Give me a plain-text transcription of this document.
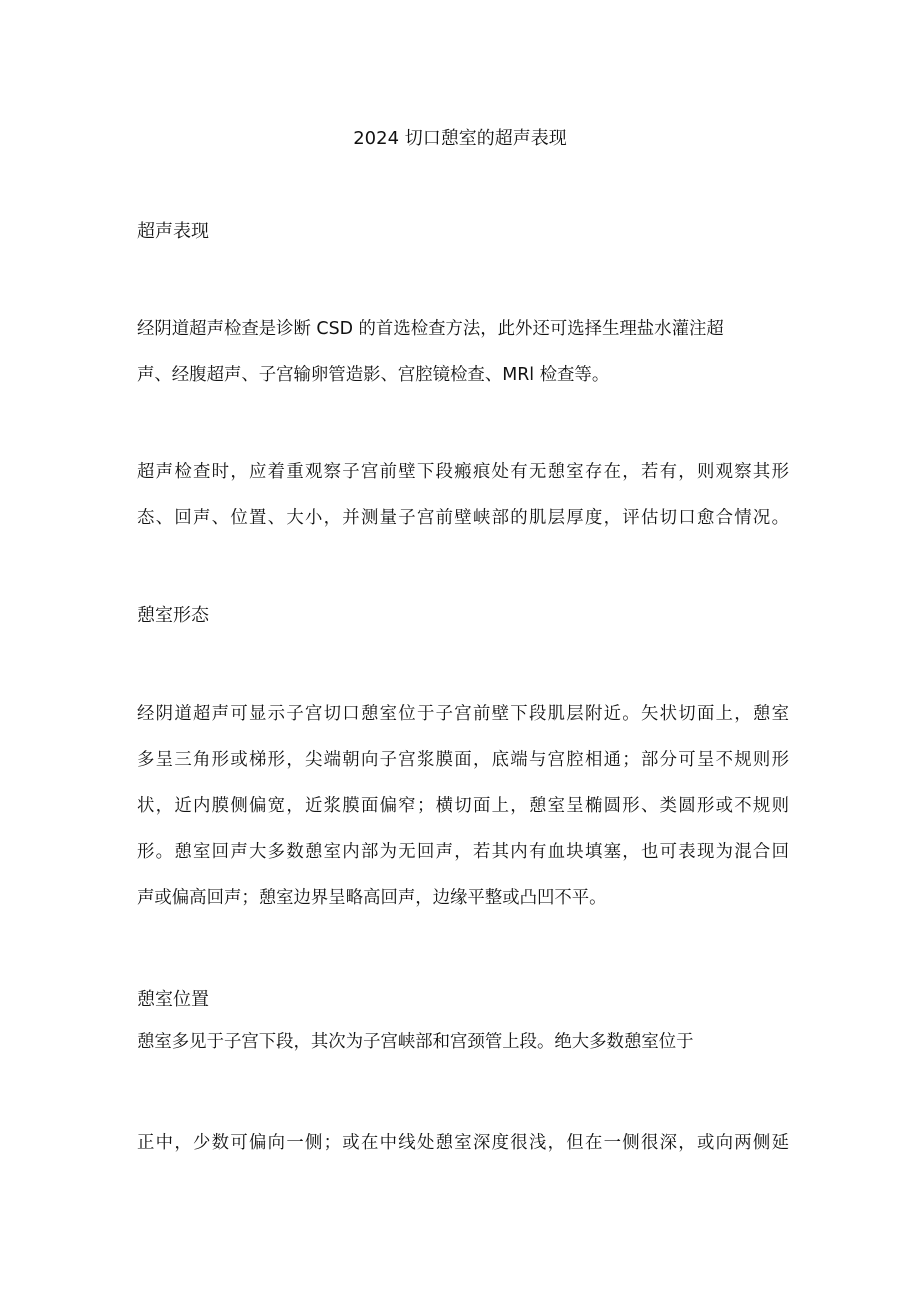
2024 切口憩室的超声表现
超声表现

经阴道超声检查是诊断 CSD 的首选检查方法，此外还可选择生理盐水灌注超
声、经腹超声、子宫输卵管造影、宫腔镜检查、MRl 检查等。

超声检查时，应着重观察子宫前壁下段瘢痕处有无憩室存在，若有，则观察其形
态、回声、位置、大小，并测量子宫前壁峡部的肌层厚度，评估切口愈合情况。

憩室形态

经阴道超声可显示子宫切口憩室位于子宫前壁下段肌层附近。矢状切面上，憩室
多呈三角形或梯形，尖端朝向子宫浆膜面，底端与宫腔相通；部分可呈不规则形
状，近内膜侧偏宽，近浆膜面偏窄；横切面上，憩室呈椭圆形、类圆形或不规则
形。憩室回声大多数憩室内部为无回声，若其内有血块填塞，也可表现为混合回
声或偏高回声；憩室边界呈略高回声，边缘平整或凸凹不平。

憩室位置

憩室多见于子宫下段，其次为子宫峡部和宫颈管上段。绝大多数憩室位于

正中，少数可偏向一侧；或在中线处憩室深度很浅，但在一侧很深，或向两侧延
